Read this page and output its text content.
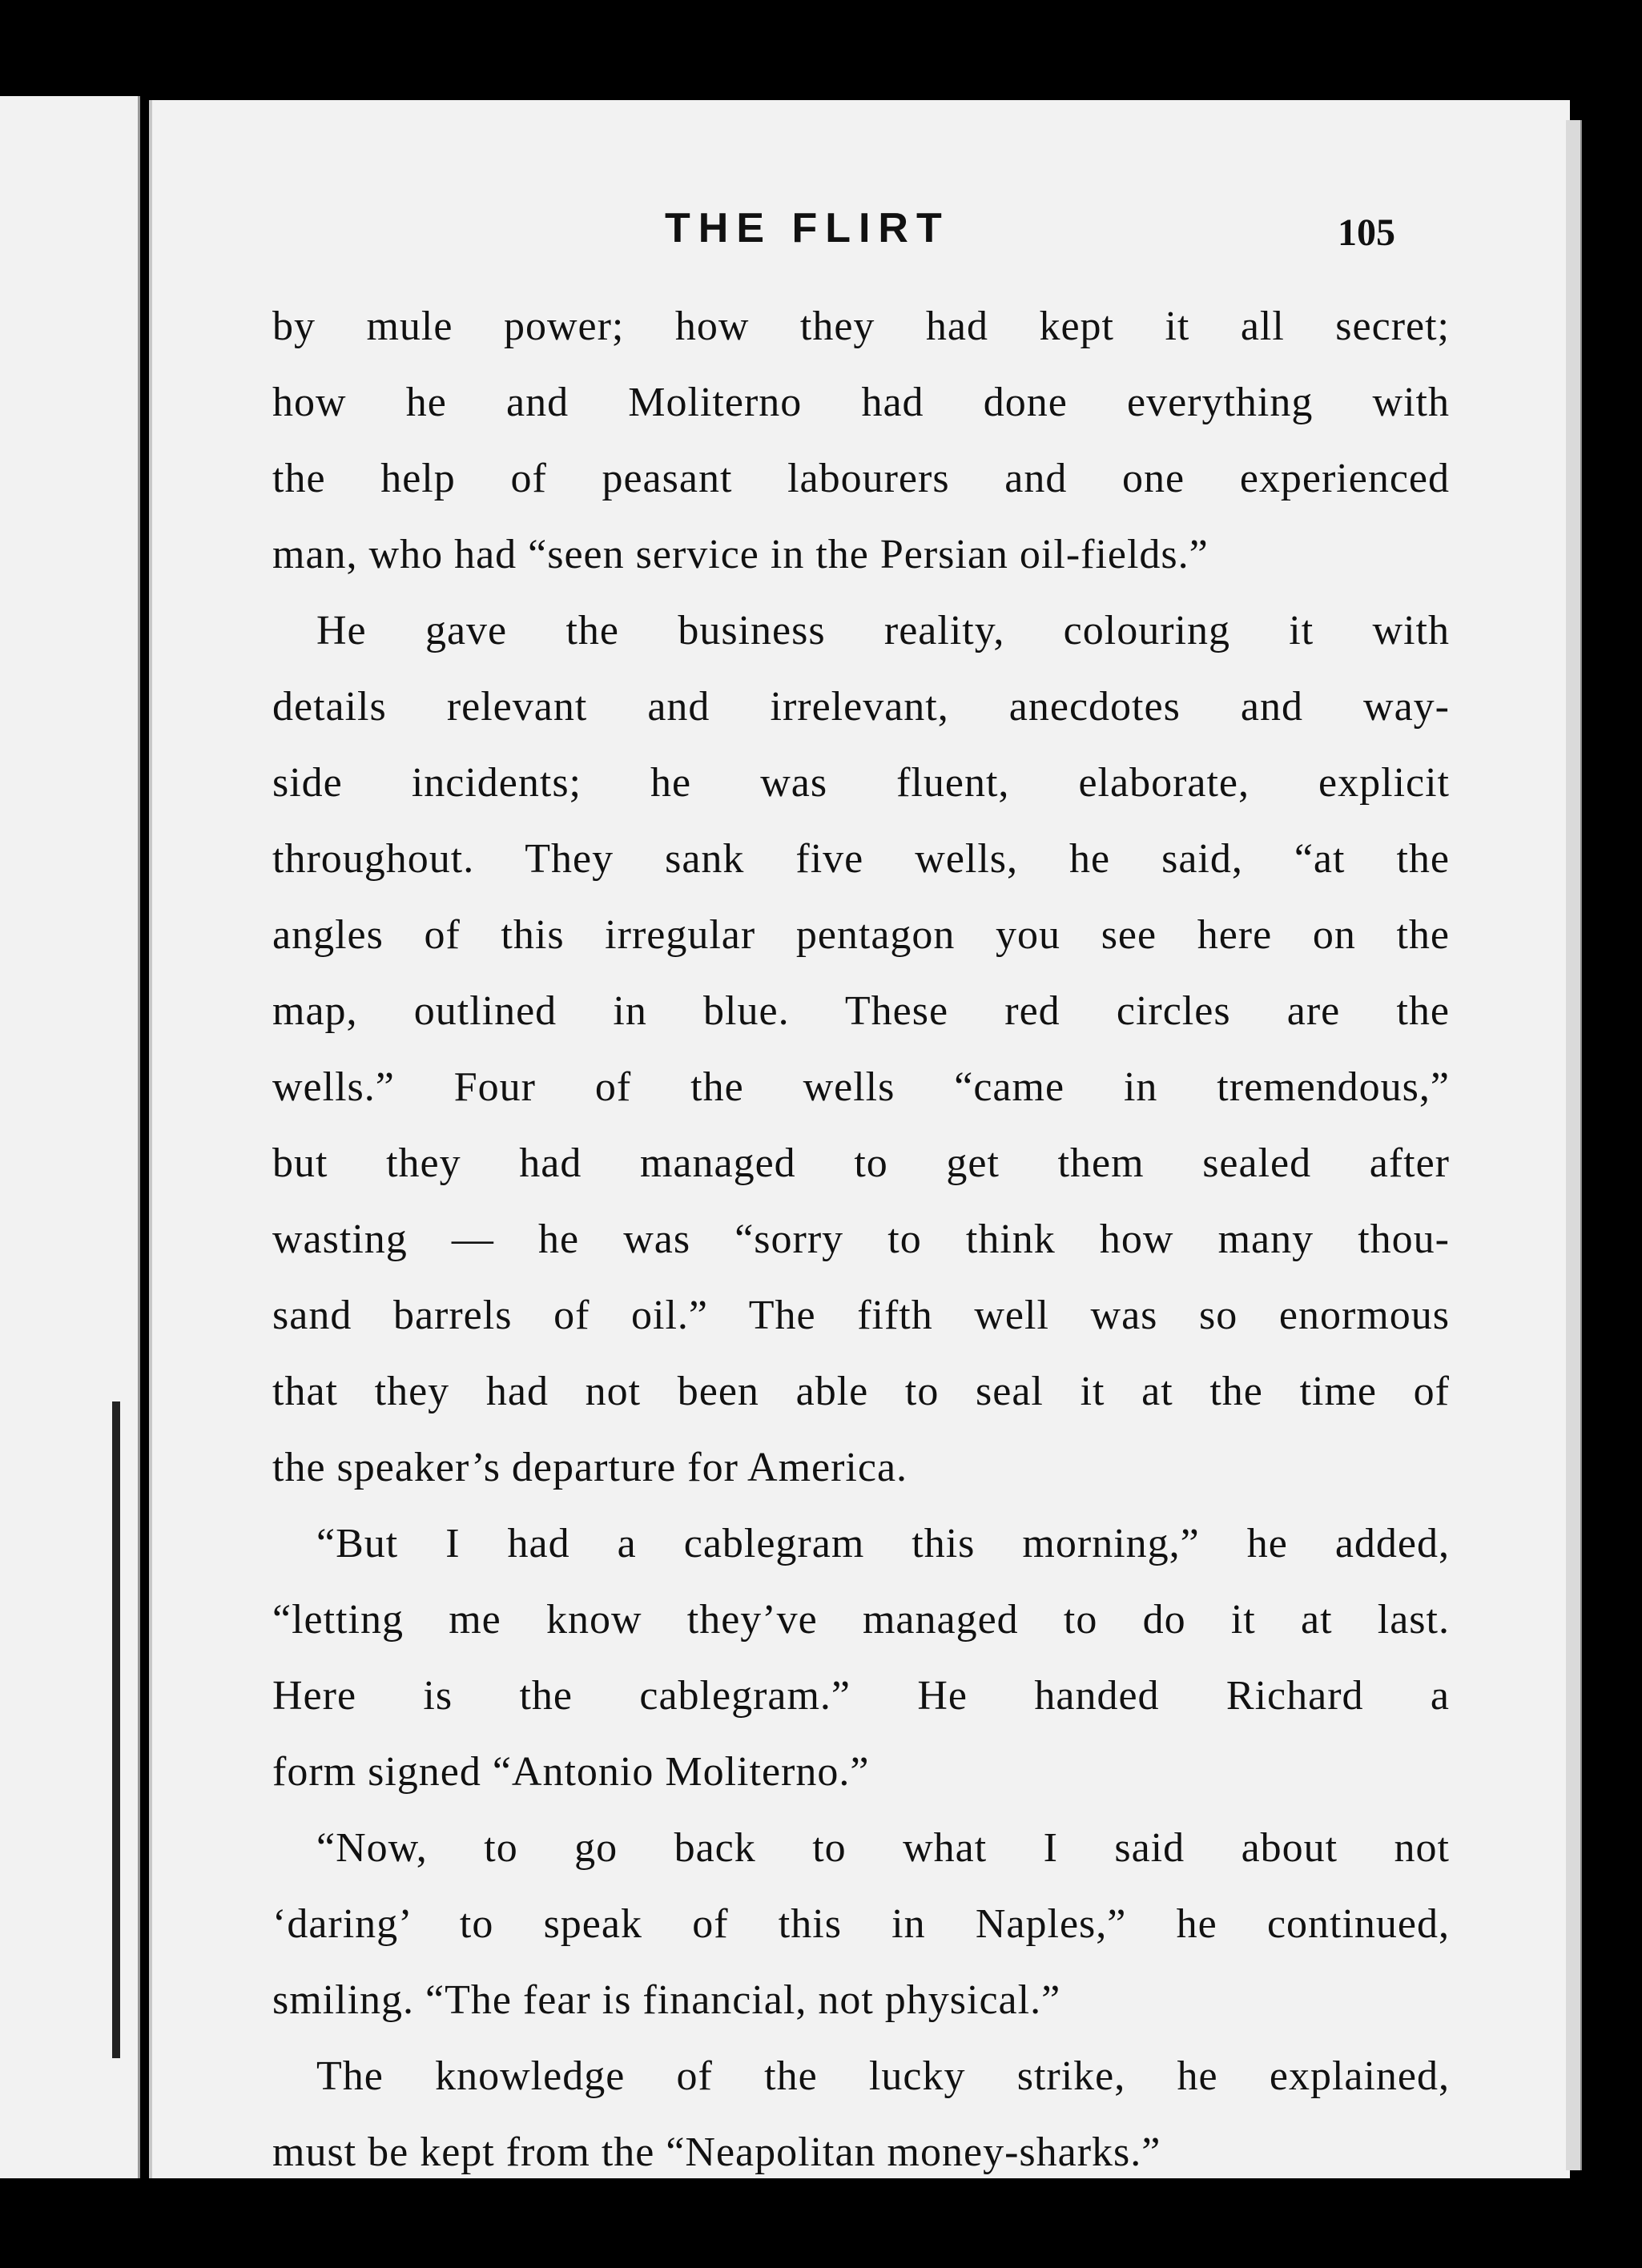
THE FLIRT	105

by mule power; how they had kept it all secret;
how he and Moliterno had done everything with
the help of peasant labourers and one experienced
man, who had “seen service in the Persian oil-fields.”

He gave the business reality, colouring it with
details relevant and irrelevant, anecdotes and way-
side incidents; he was fluent, elaborate, explicit
throughout. They sank five wells, he said, “at the
angles of this irregular pentagon you see here on the
map, outlined in blue. These red circles are the
wells.” Four of the wells “came in tremendous,”
but they had managed to get them sealed after
wasting — he was “sorry to think how many thou-
sand barrels of oil.” The fifth well was so enormous
that they had not been able to seal it at the time of
the speaker’s departure for America.

“But I had a cablegram this morning,” he added,
“letting me know they’ve managed to do it at last.
Here is the cablegram.” He handed Richard a
form signed “Antonio Moliterno.”

“Now, to go back to what I said about not
‘daring’ to speak of this in Naples,” he continued,
smiling. “The fear is financial, not physical.”

The knowledge of the lucky strike, he explained,
must be kept from the “Neapolitan money-sharks.”
